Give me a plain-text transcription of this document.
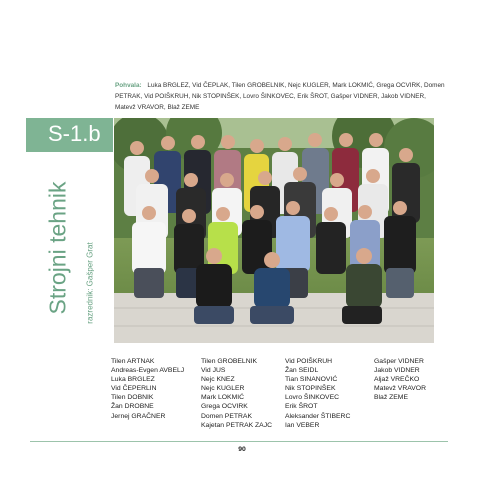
Pohvala: Luka BRGLEZ, Vid ČEPLAK, Tilen GROBELNIK, Nejc KUGLER, Mark LOKMIĆ, Grega OCVIRK, Domen PETRAK, Vid POIŠKRUH, Nik STOPINŠEK, Lovro ŠINKOVEC, Erik ŠROT, Gašper VIDNER, Jakob VIDNER, Matevž VRAVOR, Blaž ZEME
S-1.b
Strojni tehnik razrednik: Gašper Grat
Tilen ARTNAK
Andreas-Evgen AVBELJ
Luka BRGLEZ
Vid ČEPERLIN
Tilen DOBNIK
Žan DROBNE
Jernej GRAČNER
Tilen GROBELNIK
Vid JUS
Nejc KNEZ
Nejc KUGLER
Mark LOKMIĆ
Grega OCVIRK
Domen PETRAK
Kajetan PETRAK ZAJC
Vid POIŠKRUH
Žan SEIDL
Tian SINANOVIĆ
Nik STOPINŠEK
Lovro ŠINKOVEC
Erik ŠROT
Aleksander ŠTIBERC
Ian VEBER
Gašper VIDNER
Jakob VIDNER
Aljaž VREČKO
Matevž VRAVOR
Blaž ZEME
90
